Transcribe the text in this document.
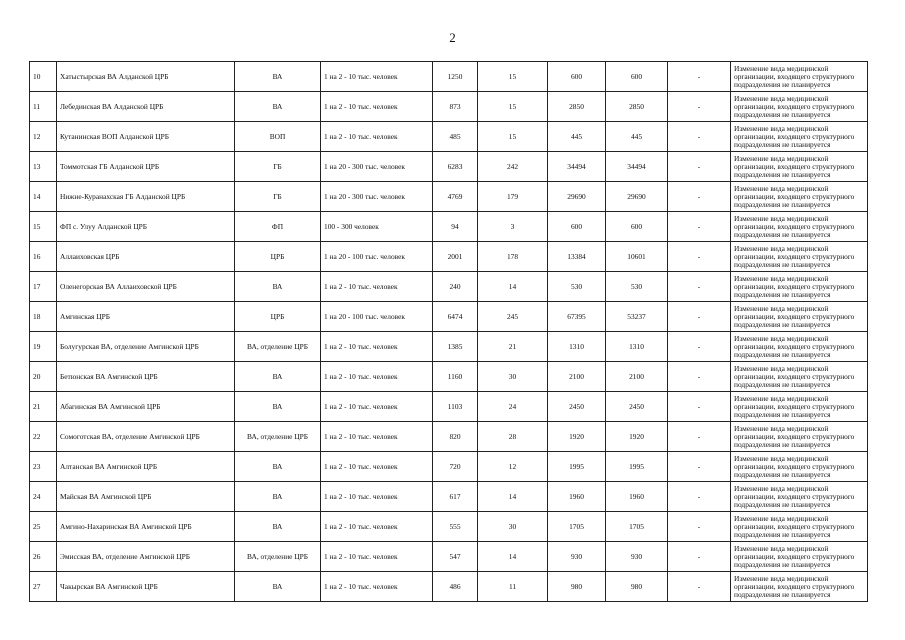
2
10	Хатыстырская ВА Алданской ЦРБ	ВА	1 на 2 - 10 тыс. человек	1250	15	600	600	-	Изменение вида медицинской организации, входящего структурного подразделения не планируется
11	Лебединская ВА Алданской ЦРБ	ВА	1 на 2 - 10 тыс. человек	873	15	2850	2850	-	Изменение вида медицинской организации, входящего структурного подразделения не планируется
12	Кутанинская ВОП Алданской ЦРБ	ВОП	1 на 2 - 10 тыс. человек	485	15	445	445	-	Изменение вида медицинской организации, входящего структурного подразделения не планируется
13	Томмотская ГБ Алданской ЦРБ	ГБ	1 на 20 - 300 тыс. человек	6283	242	34494	34494	-	Изменение вида медицинской организации, входящего структурного подразделения не планируется
14	Нижне-Куранахская ГБ Алданской ЦРБ	ГБ	1 на 20 - 300 тыс. человек	4769	179	29690	29690	-	Изменение вида медицинской организации, входящего структурного подразделения не планируется
15	ФП с. Улуу Алданской ЦРБ	ФП	100 - 300 человек	94	3	600	600	-	Изменение вида медицинской организации, входящего структурного подразделения не планируется
16	Аллаиховская ЦРБ	ЦРБ	1 на 20 - 100 тыс. человек	2001	178	13384	10601	-	Изменение вида медицинской организации, входящего структурного подразделения не планируется
17	Оленегорская ВА Аллаиховской ЦРБ	ВА	1 на 2 - 10 тыс. человек	240	14	530	530	-	Изменение вида медицинской организации, входящего структурного подразделения не планируется
18	Амгинская ЦРБ	ЦРБ	1 на 20 - 100 тыс. человек	6474	245	67395	53237	-	Изменение вида медицинской организации, входящего структурного подразделения не планируется
19	Болугурская ВА, отделение Амгинской ЦРБ	ВА, отделение ЦРБ	1 на 2 - 10 тыс. человек	1385	21	1310	1310	-	Изменение вида медицинской организации, входящего структурного подразделения не планируется
20	Бетюнская ВА Амгинской ЦРБ	ВА	1 на 2 - 10 тыс. человек	1160	30	2100	2100	-	Изменение вида медицинской организации, входящего структурного подразделения не планируется
21	Абагинская ВА Амгинской ЦРБ	ВА	1 на 2 - 10 тыс. человек	1103	24	2450	2450	-	Изменение вида медицинской организации, входящего структурного подразделения не планируется
22	Сомоготская ВА, отделение Амгинской ЦРБ	ВА, отделение ЦРБ	1 на 2 - 10 тыс. человек	820	28	1920	1920	-	Изменение вида медицинской организации, входящего структурного подразделения не планируется
23	Алтанская ВА Амгинской ЦРБ	ВА	1 на 2 - 10 тыс. человек	720	12	1995	1995	-	Изменение вида медицинской организации, входящего структурного подразделения не планируется
24	Майская ВА Амгинской ЦРБ	ВА	1 на 2 - 10 тыс. человек	617	14	1960	1960	-	Изменение вида медицинской организации, входящего структурного подразделения не планируется
25	Амгино-Нахаринская ВА Амгинской ЦРБ	ВА	1 на 2 - 10 тыс. человек	555	30	1705	1705	-	Изменение вида медицинской организации, входящего структурного подразделения не планируется
26	Эмисская ВА, отделение Амгинской ЦРБ	ВА, отделение ЦРБ	1 на 2 - 10 тыс. человек	547	14	930	930	-	Изменение вида медицинской организации, входящего структурного подразделения не планируется
27	Чакырская ВА Амгинской ЦРБ	ВА	1 на 2 - 10 тыс. человек	486	11	980	980	-	Изменение вида медицинской организации, входящего структурного подразделения не планируется
